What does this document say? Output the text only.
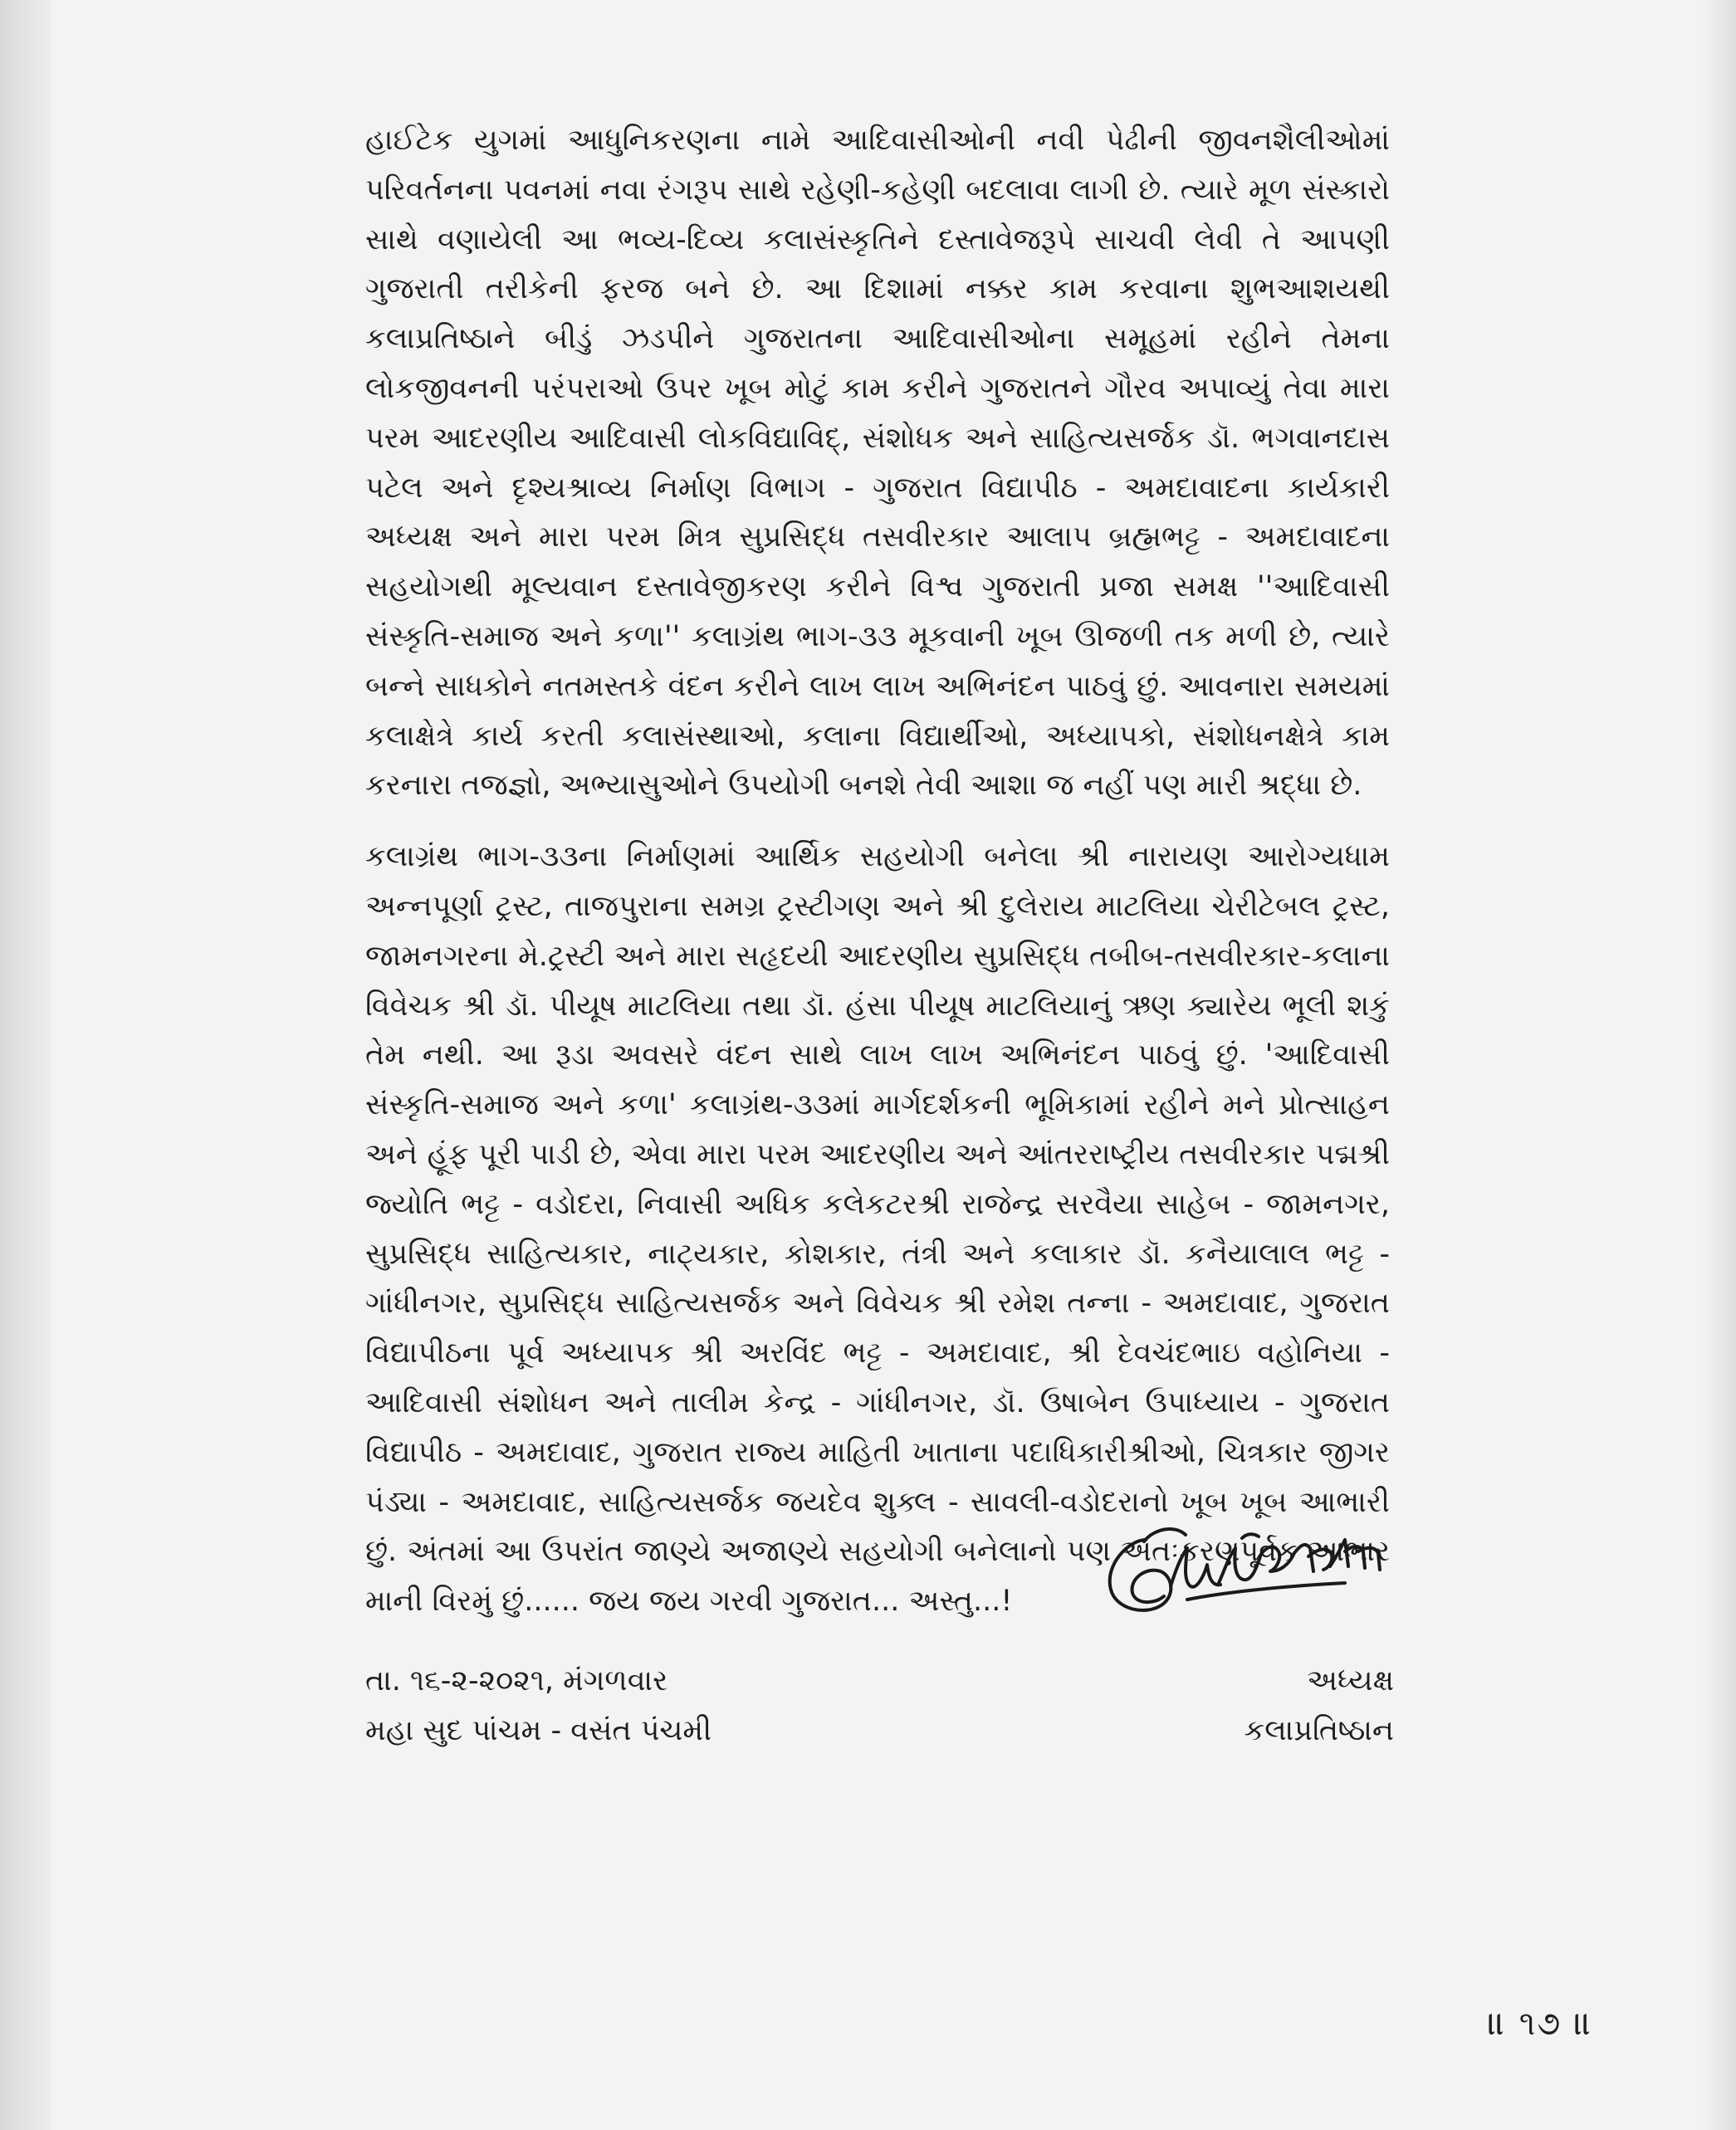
હાઈટેક યુગમાં આધુનિકરણના નામે આદિવાસીઓની નવી પેઢીની જીવનશૈલીઓમાં પરિવર્તનના પવનમાં નવા રંગરૂપ સાથે રહેણી-કહેણી બદલાવા લાગી છે. ત્યારે મૂળ સંસ્કારો સાથે વણાયેલી આ ભવ્ય-દિવ્ય કલાસંસ્કૃતિને દસ્તાવેજરૂપે સાચવી લેવી તે આપણી ગુજરાતી તરીકેની ફરજ બને છે. આ દિશામાં નક્કર કામ કરવાના શુભઆશયથી કલાપ્રતિષ્ઠાને બીડું ઝડપીને ગુજરાતના આદિવાસીઓના સમૂહમાં રહીને તેમના લોકજીવનની પરંપરાઓ ઉપર ખૂબ મોટું કામ કરીને ગુજરાતને ગૌરવ અપાવ્યું તેવા મારા પરમ આદરણીય આદિવાસી લોકવિદ્યાવિદ્, સંશોધક અને સાહિત્યસર્જક ડૉ. ભગવાનદાસ પટેલ અને દૃશ્યશ્રાવ્ય નિર્માણ વિભાગ - ગુજરાત વિદ્યાપીઠ - અમદાવાદના કાર્યકારી અધ્યક્ષ અને મારા પરમ મિત્ર સુપ્રસિદ્ધ તસવીરકાર આલાપ બ્રહ્મભટ્ટ - અમદાવાદના સહયોગથી મૂલ્યવાન દસ્તાવેજીકરણ કરીને વિશ્વ ગુજરાતી પ્રજા સમક્ષ ''આદિવાસી સંસ્કૃતિ-સમાજ અને કળા'' કલાગ્રંથ ભાગ-૩૩ મૂકવાની ખૂબ ઊજળી તક મળી છે, ત્યારે બન્ને સાધકોને નતમસ્તકે વંદન કરીને લાખ લાખ અભિનંદન પાઠવું છું. આવનારા સમયમાં કલાક્ષેત્રે કાર્ય કરતી કલાસંસ્થાઓ, કલાના વિદ્યાર્થીઓ, અધ્યાપકો, સંશોધનક્ષેત્રે કામ કરનારા તજજ્ઞો, અભ્યાસુઓને ઉપયોગી બનશે તેવી આશા જ નહીં પણ મારી શ્રદ્ધા છે.

કલાગ્રંથ ભાગ-૩૩ના નિર્માણમાં આર્થિક સહયોગી બનેલા શ્રી નારાયણ આરોગ્યધામ અન્નપૂર્ણા ટ્રસ્ટ, તાજપુરાના સમગ્ર ટ્રસ્ટીગણ અને શ્રી દુલેરાય માટલિયા ચેરીટેબલ ટ્રસ્ટ, જામનગરના મે.ટ્રસ્ટી અને મારા સહૃદયી આદરણીય સુપ્રસિદ્ધ તબીબ-તસવીરકાર-કલાના વિવેચક શ્રી ડૉ. પીયૂષ માટલિયા તથા ડૉ. હંસા પીયૂષ માટલિયાનું ઋણ ક્યારેય ભૂલી શકું તેમ નથી. આ રૂડા અવસરે વંદન સાથે લાખ લાખ અભિનંદન પાઠવું છું. 'આદિવાસી સંસ્કૃતિ-સમાજ અને કળા' કલાગ્રંથ-૩૩માં માર્ગદર્શકની ભૂમિકામાં રહીને મને પ્રોત્સાહન અને હૂંફ પૂરી પાડી છે, એવા મારા પરમ આદરણીય અને આંતરરાષ્ટ્રીય તસવીરકાર પદ્મશ્રી જ્યોતિ ભટ્ટ - વડોદરા, નિવાસી અધિક કલેકટરશ્રી રાજેન્દ્ર સરવૈયા સાહેબ - જામનગર, સુપ્રસિદ્ધ સાહિત્યકાર, નાટ્યકાર, કોશકાર, તંત્રી અને કલાકાર ડૉ. કનૈયાલાલ ભટ્ટ - ગાંધીનગર, સુપ્રસિદ્ધ સાહિત્યસર્જક અને વિવેચક શ્રી રમેશ તન્ના - અમદાવાદ, ગુજરાત વિદ્યાપીઠના પૂર્વ અધ્યાપક શ્રી અરવિંદ ભટ્ટ - અમદાવાદ, શ્રી દેવચંદભાઇ વહોનિયા - આદિવાસી સંશોધન અને તાલીમ કેન્દ્ર - ગાંધીનગર, ડૉ. ઉષાબેન ઉપાધ્યાય - ગુજરાત વિદ્યાપીઠ - અમદાવાદ, ગુજરાત રાજ્ય માહિતી ખાતાના પદાધિકારીશ્રીઓ, ચિત્રકાર જીગર પંડ્યા - અમદાવાદ, સાહિત્યસર્જક જયદેવ શુક્લ - સાવલી-વડોદરાનો ખૂબ ખૂબ આભારી છું. અંતમાં આ ઉપરાંત જાણ્યે અજાણ્યે સહયોગી બનેલાનો પણ અંતઃકરણપૂર્વક આભાર માની વિરમું છું...... જય જય ગરવી ગુજરાત... અસ્તુ...!

તા. ૧૬-૨-૨૦૨૧, મંગળવાર
મહા સુદ પાંચમ - વસંત પંચમી
અધ્યક્ષ
કલાપ્રતિષ્ઠાન
॥ ૧૭ ॥
